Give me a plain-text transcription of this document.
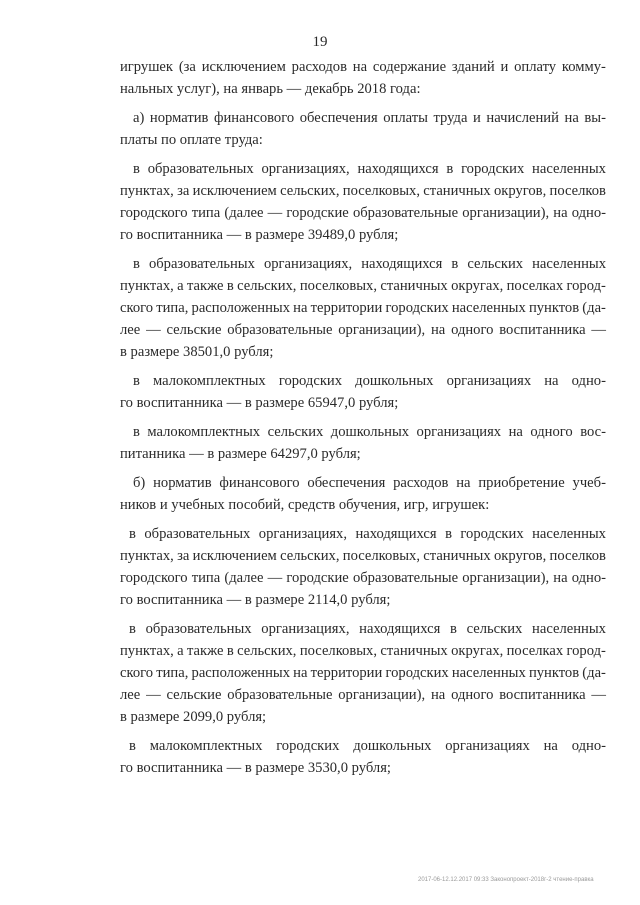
19
игрушек (за исключением расходов на содержание зданий и оплату комму-
нальных услуг), на январь — декабрь 2018 года:
а) норматив финансового обеспечения оплаты труда и начислений на вы-
платы по оплате труда:
в образовательных организациях, находящихся в городских населенных
пунктах, за исключением сельских, поселковых, станичных округов, поселков
городского типа (далее — городские образовательные организации), на одно-
го воспитанника — в размере 39489,0 рубля;
в образовательных организациях, находящихся в сельских населенных
пунктах, а также в сельских, поселковых, станичных округах, поселках город-
ского типа, расположенных на территории городских населенных пунктов (да-
лее — сельские образовательные организации), на одного воспитанника —
в размере 38501,0 рубля;
в малокомплектных городских дошкольных организациях на одно-
го воспитанника — в размере 65947,0 рубля;
в малокомплектных сельских дошкольных организациях на одного вос-
питанника — в размере 64297,0 рубля;
б) норматив финансового обеспечения расходов на приобретение учеб-
ников и учебных пособий, средств обучения, игр, игрушек:
в образовательных организациях, находящихся в городских населенных
пунктах, за исключением сельских, поселковых, станичных округов, поселков
городского типа (далее — городские образовательные организации), на одно-
го воспитанника — в размере 2114,0 рубля;
в образовательных организациях, находящихся в сельских населенных
пунктах, а также в сельских, поселковых, станичных округах, поселках город-
ского типа, расположенных на территории городских населенных пунктов (да-
лее — сельские образовательные организации), на одного воспитанника —
в размере 2099,0 рубля;
в малокомплектных городских дошкольных организациях на одно-
го воспитанника — в размере 3530,0 рубля;
2017-06-12.12.2017 09:33 Законопроект-2018г-2 чтение-правка
